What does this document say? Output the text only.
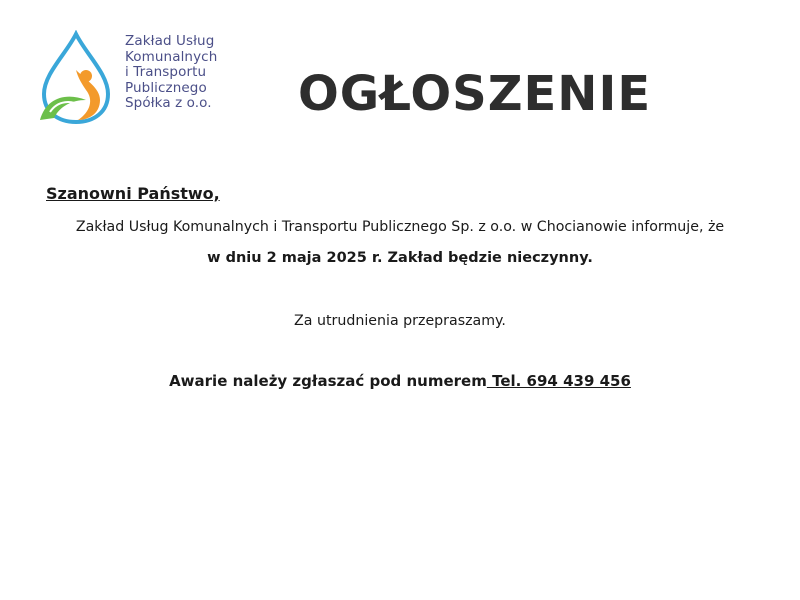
Zakład Usług
Komunalnych
i Transportu
Publicznego
Spółka z o.o. OGŁOSZENIE
Szanowni Państwo,
Zakład Usług Komunalnych i Transportu Publicznego Sp. z o.o. w Chocianowie informuje, że
w dniu 2 maja 2025 r. Zakład będzie nieczynny.
Za utrudnienia przepraszamy.
Awarie należy zgłaszać pod numerem Tel. 694 439 456
